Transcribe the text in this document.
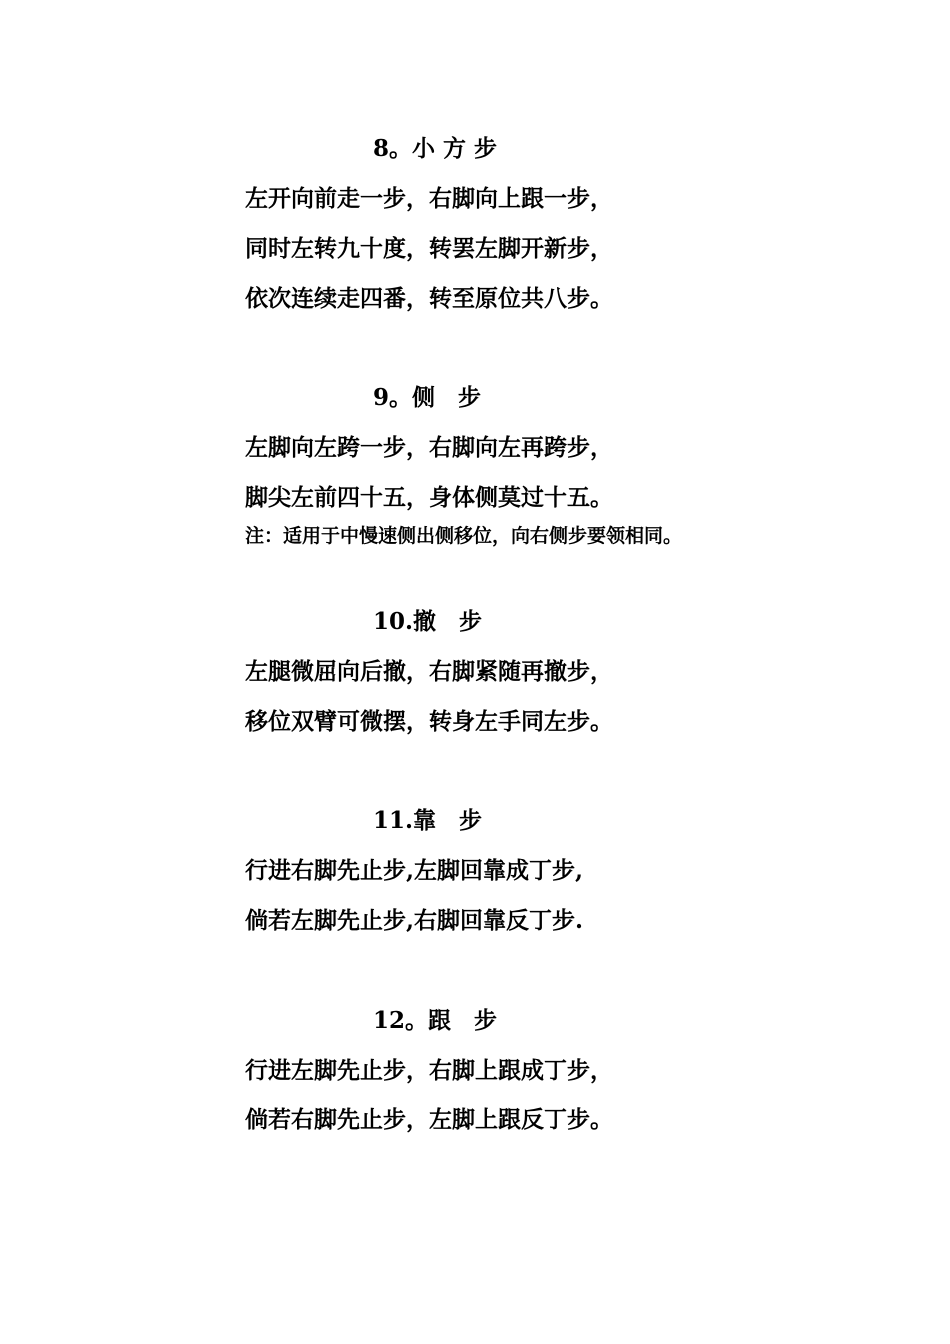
8。小 方 步
左开向前走一步，右脚向上跟一步，
同时左转九十度，转罢左脚开新步，
依次连续走四番，转至原位共八步。
9。侧　步
左脚向左跨一步，右脚向左再跨步，
脚尖左前四十五，身体侧莫过十五。
注：适用于中慢速侧出侧移位，向右侧步要领相同。
10.撤　步
左腿微屈向后撤，右脚紧随再撤步，
移位双臂可微摆，转身左手同左步。
11.靠　步
行进右脚先止步,左脚回靠成丁步,
倘若左脚先止步,右脚回靠反丁步.
12。跟　步
行进左脚先止步，右脚上跟成丁步，
倘若右脚先止步，左脚上跟反丁步。
